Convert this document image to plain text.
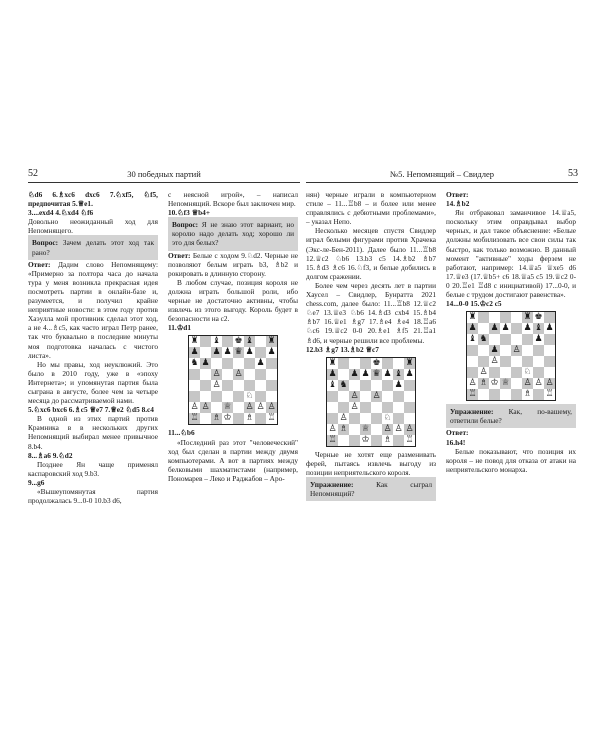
52	30 победных партий

♘d6 6.♗xc6 dxc6 7.♘xf5, ♘f5, предпочитая 5.♕e1.

3....exd4 4.♘xd4 ♘f6

Довольно неожиданный ход для Непомнящего.

Вопрос: Зачем делать этот ход так рано?

Ответ: Дадим слово Непомнящему: «Примерно за полтора часа до начала тура у меня возникла прекрасная идея посмотреть партии в онлайн-базе и, разумеется, и получил крайне неприятные новости: в этом году против Хаэулла мой противник сделал этот ход, а не 4...♗c5, как часто играл Петр ранее, так что буквально в последние минуты моя подготовка началась с чистого листа».

Но мы правы, ход неуклюжий. Это было в 2010 году, уже в «эпоху Интернета»; и упомянутая партия была сыграна в августе, более чем за четыре месяца до рассматриваемой нами.

5.♘xc6 bxc6 6.♗c5 ♕e7 7.♕e2 ♘d5 8.c4

В одной из этих партий против Крамника в в нескольких других Непомнящий выбирал менее привычное 8.b4.

8...♗a6 9.♘d2

Позднее Ян чаще применял каспаровский ход 9.b3.

9...g6

«Вышеупомянутая партия продолжалась 9...0-0 10.b3 d6,

с неясной игрой», – написал Непомнящий. Вскоре был заключен мир.

10.♘f3 ♕b4+

Вопрос: Я не знаю этот вариант, но королю надо делать ход; хорошо ли это для белых?

Ответ: Белые с ходом 9.♘d2. Черные не позволяют белым играть b3, ♗b2 и рокировать в длинную сторону.

В любом случае, позиция короля не должна играть большой роли, ибо черные не достаточно активны, чтобы извлечь из этого выгоду. Король будет в безопасности на с2.

11.♔d1

♜ ♝ ♚ ♝ ♜
♟ ♟ ♟ ♛ ♟ ♟
♞ ♟	♟
♙ ♙
♙
♘
♙ ♙ ♕ ♙ ♙ ♙
♖ ♗ ♔ ♗ ♖

11...♘b6

«Последний раз этот "человеческий" ход был сделан в партии между двумя компьютерами. А вот в партиях между белковыми шахматистами (например, Пономарев – Леко и Раджабов – Аро-

№5. Непомнящий – Свидлер	53

нян) черные играли в компьютерном стиле – 11...♖b8 – и более или менее справлялись с дебютными проблемами», – указал Непо.

Несколько месяцев спустя Свидлер играл белыми фигурами против Храчека (Экс-ле-Бен-2011). Далее было 11...♖b8 12.♕c2 ♘b6 13.b3 c5 14.♗b2 ♗b7 15.♗d3 ♗c6 16.♘f3, и белые добились в долгом сражении.

Более чем через десять лет в партии Хаусел – Свидлер, Бунратта 2021 chess.com, далее было: 11...♖b8 12.♕c2 ♘e7 13.♕e3 ♘b6 14.♗d3 cxb4 15.♗b4 ♗b7 16.♕e1 ♗g7 17.♗e4 ♗e4 18.♖a6 ♘c6 19.♕c2 0-0 20.♗e1 ♗f5 21.♖a1 ♗d6, и черные решили все проблемы.

12.b3 ♗g7 13.♗b2 ♕c7

♜	♚	♜
♟ ♟ ♟ ♛ ♟ ♝ ♟
♝ ♞	♟
♙ ♙
♙
♙	♘
♙ ♗ ♕ ♙ ♙ ♙
♖	♔ ♗ ♖

Черные не хотят еще разменивать ферей, пытаясь извлечь выгоду из позиции неприятельского короля.

Упражнение:	Как сыграл Непомнящий?

Ответ:

14.♗b2

Ян отбраковал заманчивое 14.♕a5, поскольку этим оправдывал выбор черных, и дал такое объяснение: «Белые должны мобилизовать все свои силы так быстро, как только возможно. В данный момент "активные" ходы ферзем не работают, например: 14.♕a5 ♕xe5 d6 17.♕e3 (17.♕b5+ c6 18.♕a5 c5 19.♕c2 0-0 20.♖e1 ♖d8 с инициативой) 17...0-0, и белые с трудом достигают равенства».

14...0-0 15.♔c2 c5

♜	♜ ♚
♟ ♟ ♟ ♟ ♝ ♟
♝ ♞	♟
♟ ♙
♙
♙	♘
♙ ♗ ♔ ♕ ♙ ♙ ♙
♖	♗ ♖

Упражнение: Как, по-вашему, ответили белые?

Ответ:

16.h4!

Белые показывают, что позиция их короля – не повод для отказа от атаки на неприятельского монарха.
